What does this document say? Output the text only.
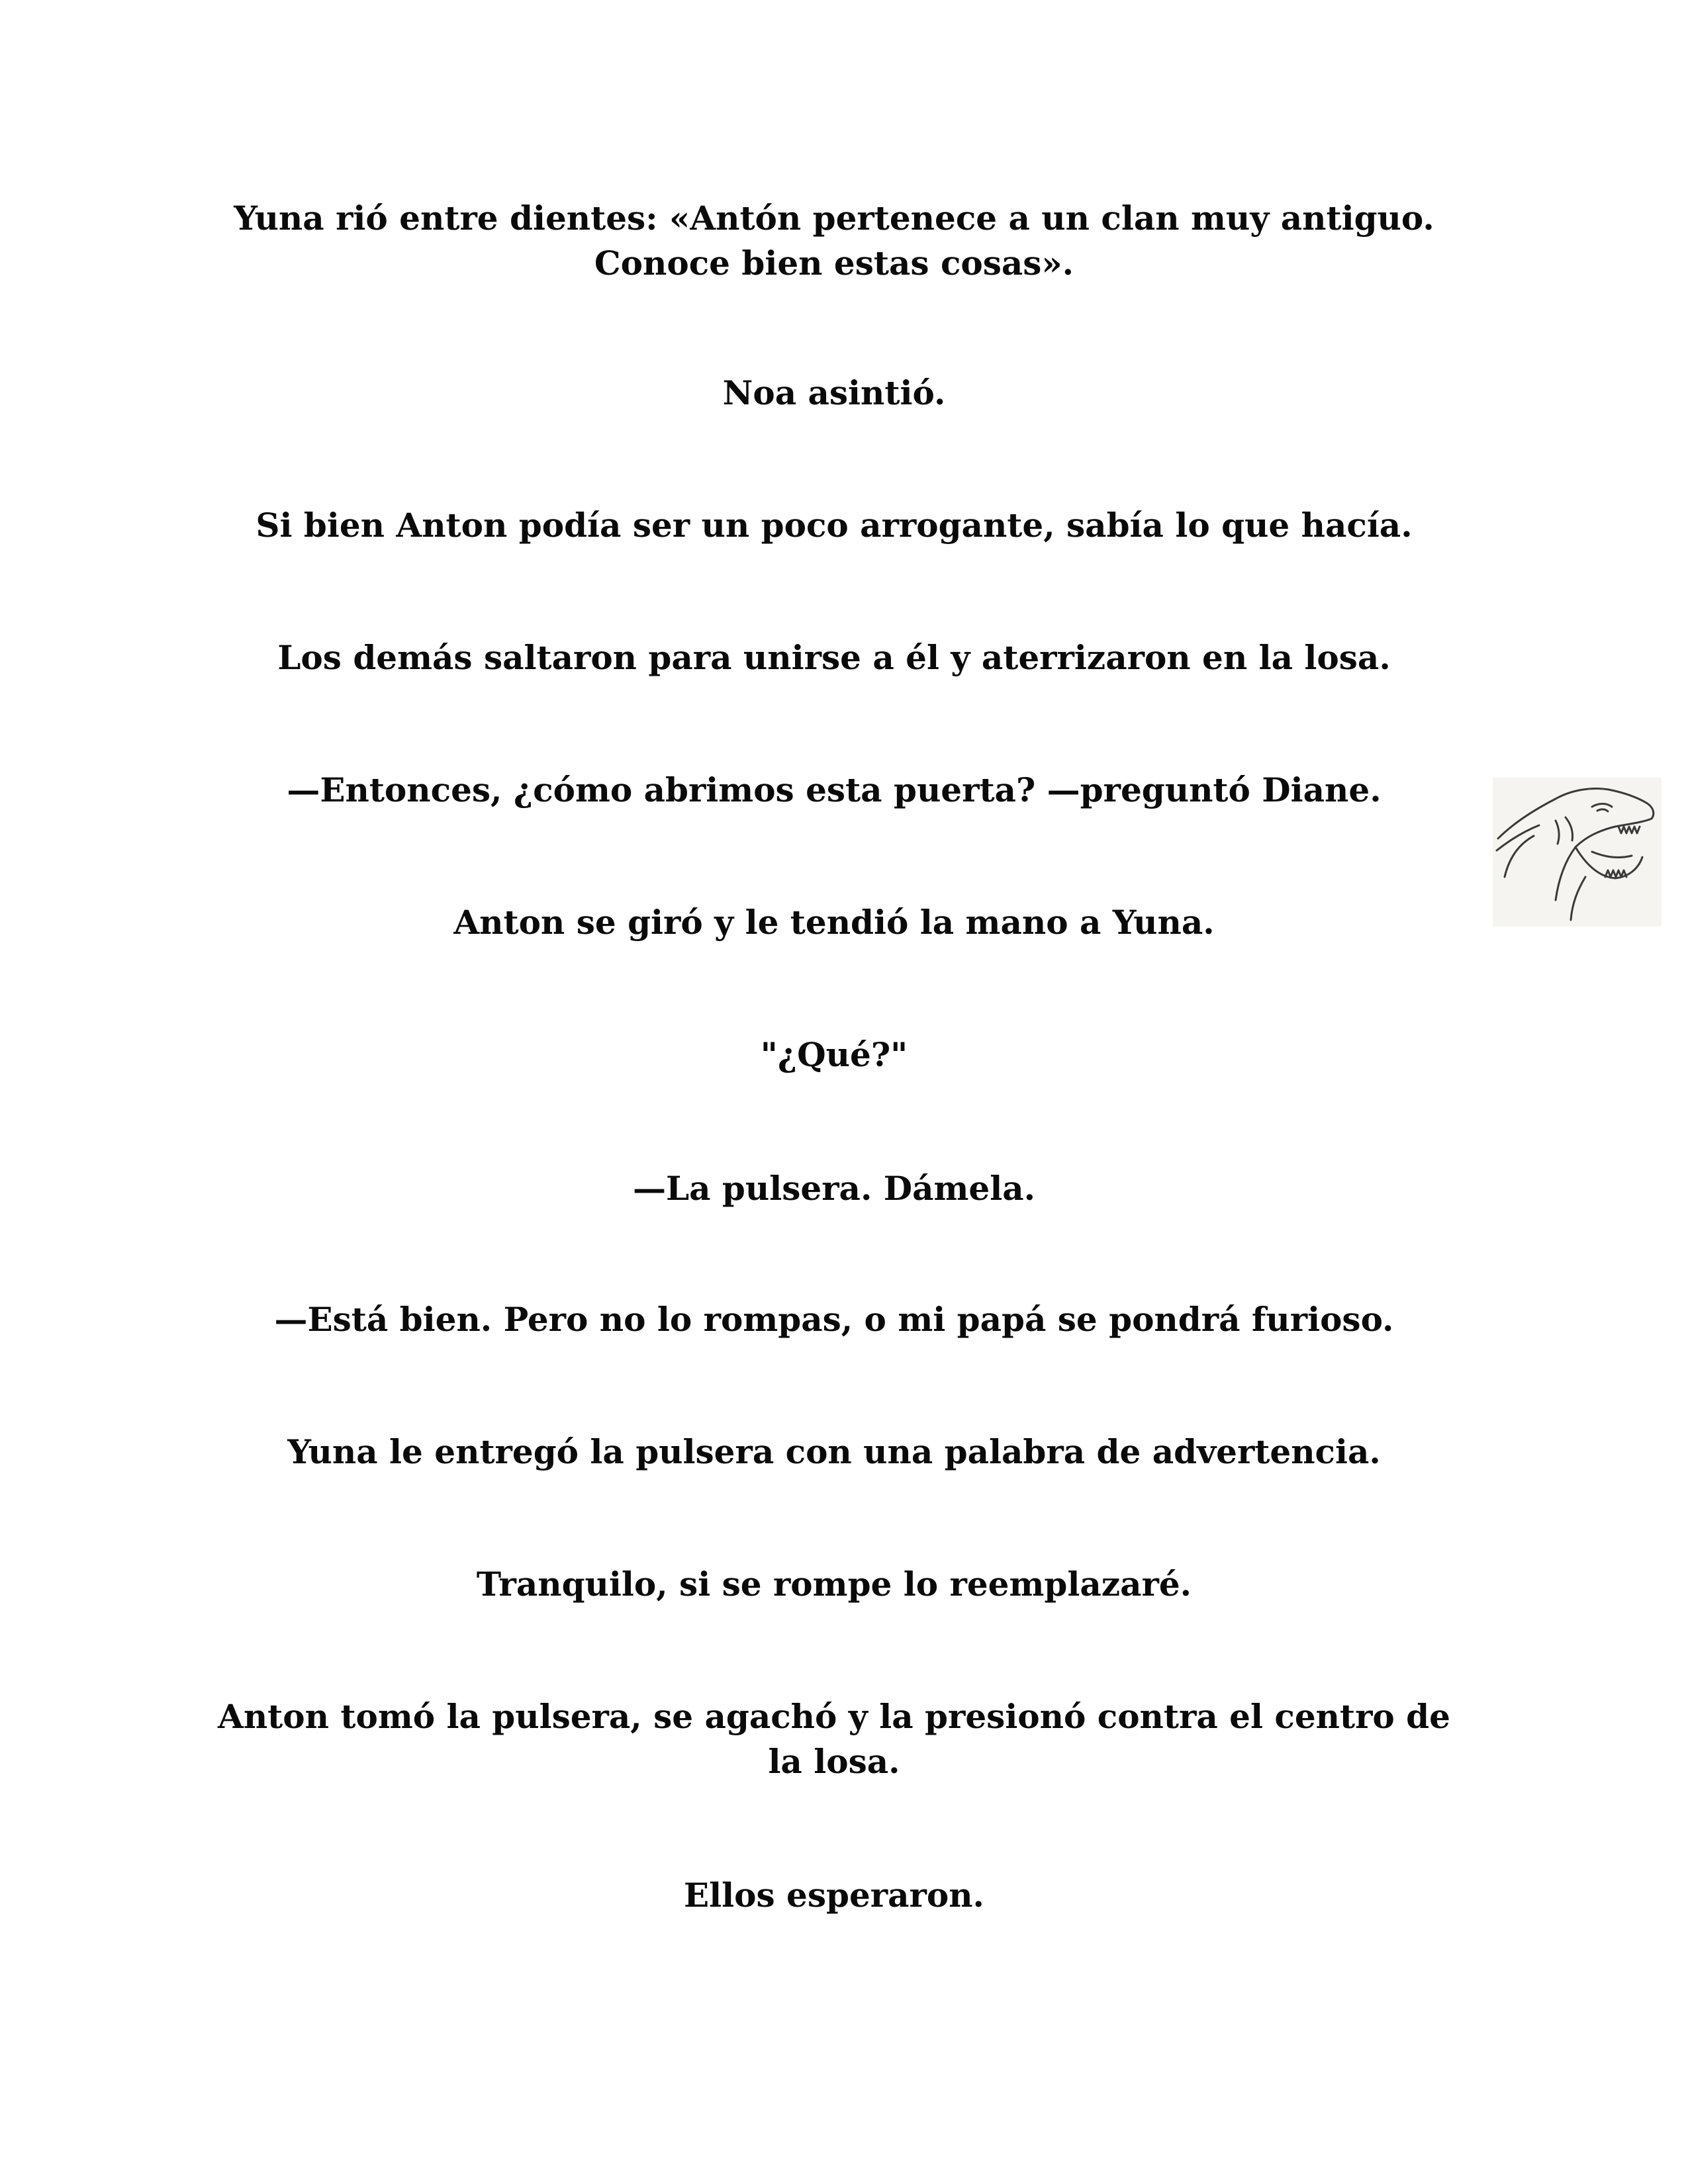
Yuna rió entre dientes: «Antón pertenece a un clan muy antiguo. Conoce bien estas cosas».

Noa asintió.

Si bien Anton podía ser un poco arrogante, sabía lo que hacía.

Los demás saltaron para unirse a él y aterrizaron en la losa.

—Entonces, ¿cómo abrimos esta puerta? —preguntó Diane.

Anton se giró y le tendió la mano a Yuna.

"¿Qué?"

—La pulsera. Dámela.

—Está bien. Pero no lo rompas, o mi papá se pondrá furioso.

Yuna le entregó la pulsera con una palabra de advertencia.

Tranquilo, si se rompe lo reemplazaré.

Anton tomó la pulsera, se agachó y la presionó contra el centro de la losa.

Ellos esperaron.
